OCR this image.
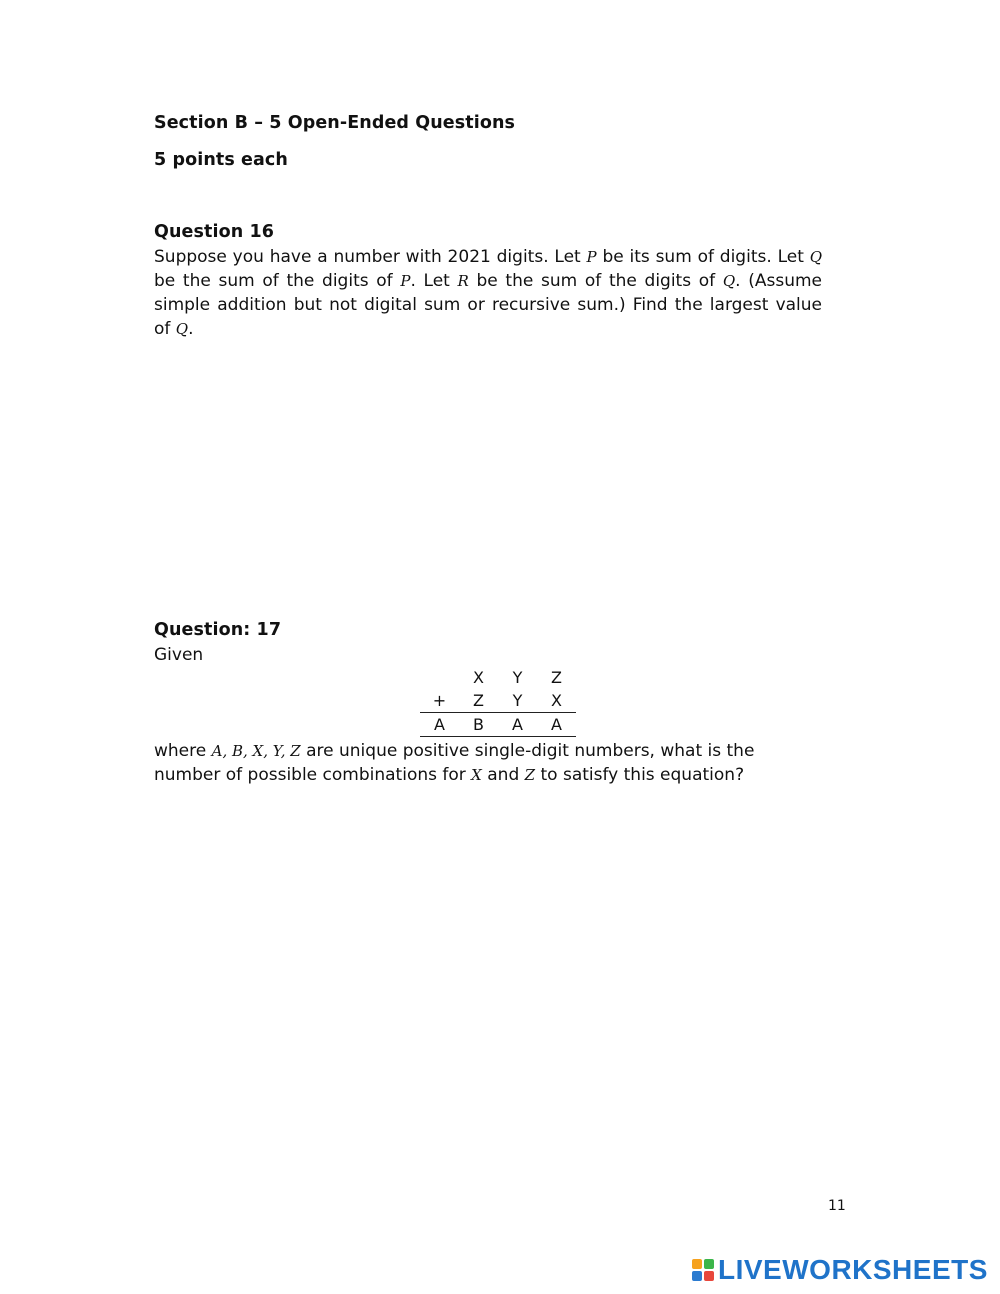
Section B – 5 Open-Ended Questions
5 points each
Question 16
Suppose you have a number with 2021 digits. Let P be its sum of digits. Let Q be the sum of the digits of P. Let R be the sum of the digits of Q. (Assume simple addition but not digital sum or recursive sum.) Find the largest value of Q.
Question: 17
Given
	X	Y	Z
+	Z	Y	X
A	B	A	A
where A, B, X, Y, Z are unique positive single-digit numbers, what is the number of possible combinations for X and Z to satisfy this equation?
11
LIVEWORKSHEETS
